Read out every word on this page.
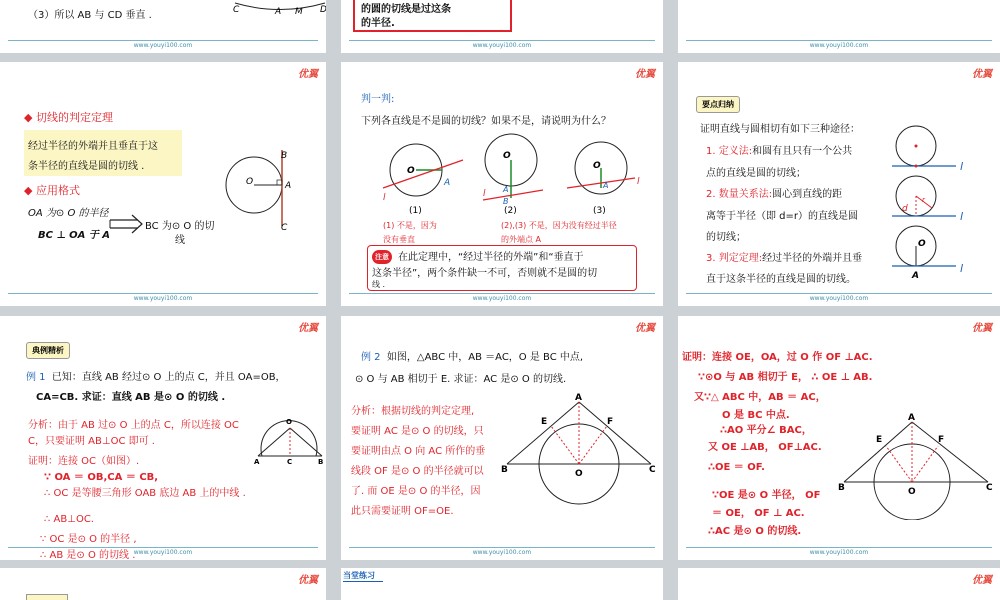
（3）所以 AB 与 CD 垂直 .	C	A M D
www.youyi100.com
的圆的切线是过这条
的半径.
www.youyi100.com	www.youyi100.com
优翼
◆ 切线的判定定理
经过半径的外端并且垂直于这
条半径的直线是圆的切线 .
◆ 应用格式
OA 为⊙ O 的半径
BC ⊥ OA 于 A
BC 为⊙ O 的切
线
O	A
B
C
www.youyi100.com
优翼
判一判:
下列各直线是不是圆的切线？如果不是，请说明为什么？
O
A
l
(1)
O
A
B
l
(2)
O
A	l
(3)
(1) 不是，因为
没有垂直
(2),(3) 不是，因为没有经过半径
的外端点 A
注意 在此定理中，“经过半径的外端”和“垂直于
这条半径”，两个条件缺一不可，否则就不是圆的切
线 .
www.youyi100.com
优翼
要点归纳
证明直线与圆相切有如下三种途径：
1. 定义法:和圆有且只有一个公共
点的直线是圆的切线；
2. 数量关系法:圆心到直线的距
离等于半径（即 d=r）的直线是圆
的切线；
3. 判定定理:经过半径的外端并且垂
直于这条半径的直线是圆的切线。
l
d
r
l
O
A
l
www.youyi100.com
优翼
典例精析
例 1 已知：直线 AB 经过⊙ O 上的点 C，并且 OA=OB，
CA=CB. 求证：直线 AB 是⊙ O 的切线 .
分析：由于 AB 过⊙ O 上的点 C，所以连接 OC
C，只要证明 AB⊥OC 即可 .
证明：连接 OC（如图）.
∵ OA ＝ OB,CA ＝ CB,
∴ OC 是等腰三角形 OAB 底边 AB 上的中线 .
∴ AB⊥OC.
∵ OC 是⊙ O 的半径 ,
∴ AB 是⊙ O 的切线 .
O
A	C	B
www.youyi100.com
优翼
例 2 如图，△ABC 中，AB ＝AC，O 是 BC 中点,
⊙ O 与 AB 相切于 E. 求证：AC 是⊙ O 的切线.
分析：根据切线的判定定理,
要证明 AC 是⊙ O 的切线，只
要证明由点 O 向 AC 所作的垂
线段 OF 是⊙ O 的半径就可以
了. 而 OE 是⊙ O 的半径，因
此只需要证明 OF=OE.
A
B	C
O
E	F
www.youyi100.com
优翼
证明：连接 OE，OA，过 O 作 OF ⊥AC.
∵⊙O 与 AB 相切于 E， ∴ OE ⊥ AB.
又∵△ ABC 中，AB ＝ AC，
O 是 BC 中点.
∴AO 平分∠ BAC，
又 OE ⊥AB， OF⊥AC.
∴OE ＝ OF.
∵OE 是⊙ O 半径， OF
＝ OE， OF ⊥ AC.
∴AC 是⊙ O 的切线.
A
B	C
O
E	F
www.youyi100.com
优翼	当堂练习	优翼
